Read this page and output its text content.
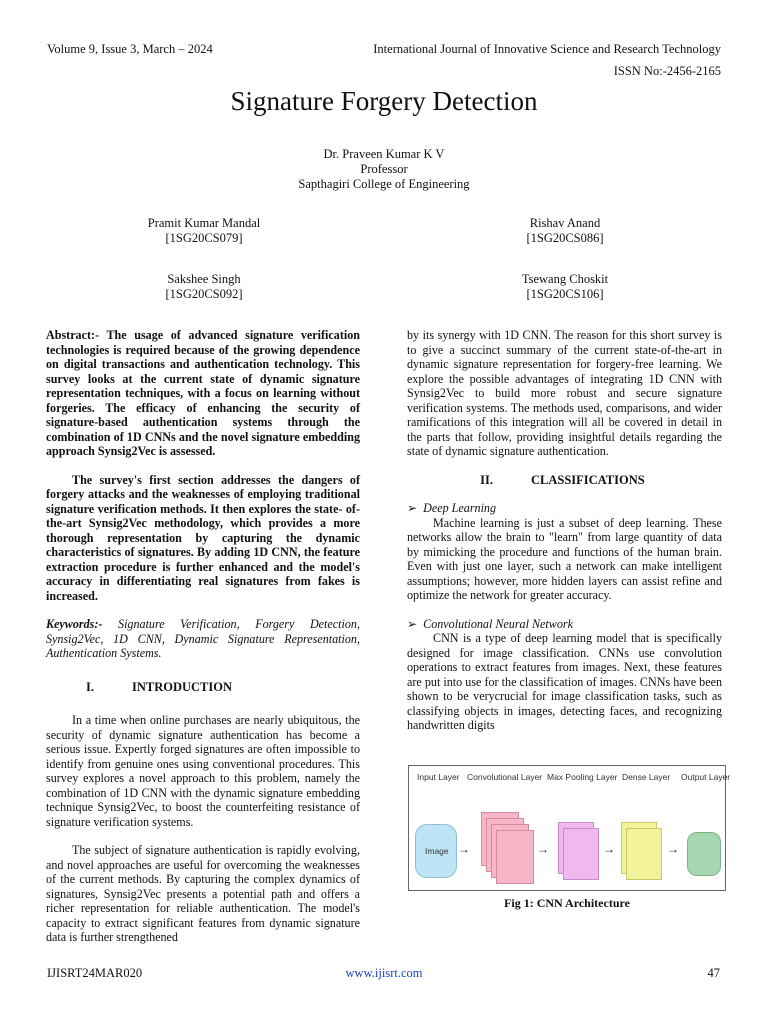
Volume 9, Issue 3, March – 2024	International Journal of Innovative Science and Research Technology
ISSN No:-2456-2165
Signature Forgery Detection
Dr. Praveen Kumar K V
Professor
Sapthagiri College of Engineering
Pramit Kumar Mandal
[1SG20CS079]
Rishav Anand
[1SG20CS086]
Sakshee Singh
[1SG20CS092]
Tsewang Choskit
[1SG20CS106]

Abstract:- The usage of advanced signature verification technologies is required because of the growing dependence on digital transactions and authentication technology. This survey looks at the current state of dynamic signature representation techniques, with a focus on learning without forgeries. The efficacy of enhancing the security of signature-based authentication systems through the combination of 1D CNNs and the novel signature embedding approach Synsig2Vec is assessed.

The survey's first section addresses the dangers of forgery attacks and the weaknesses of employing traditional signature verification methods. It then explores the state- of-the-art Synsig2Vec methodology, which provides a more thorough representation by capturing the dynamic characteristics of signatures. By adding 1D CNN, the feature extraction procedure is further enhanced and the model's accuracy in differentiating real signatures from fakes is increased.

Keywords:- Signature Verification, Forgery Detection, Synsig2Vec, 1D CNN, Dynamic Signature Representation, Authentication Systems.

I.	INTRODUCTION

In a time when online purchases are nearly ubiquitous, the security of dynamic signature authentication has become a serious issue. Expertly forged signatures are often impossible to identify from genuine ones using conventional procedures. This survey explores a novel approach to this problem, namely the combination of 1D CNN with the dynamic signature embedding technique Synsig2Vec, to boost the counterfeiting resistance of signature verification systems.

The subject of signature authentication is rapidly evolving, and novel approaches are useful for overcoming the weaknesses of the current methods. By capturing the complex dynamics of signatures, Synsig2Vec presents a potential path and offers a richer representation for reliable authentication. The model's capacity to extract significant features from dynamic signature data is further strengthened

by its synergy with 1D CNN. The reason for this short survey is to give a succinct summary of the current state-of-the-art in dynamic signature representation for forgery-free learning. We explore the possible advantages of integrating 1D CNN with Synsig2Vec to build more robust and secure signature verification systems. The methods used, comparisons, and wider ramifications of this integration will all be covered in detail in the parts that follow, providing insightful details regarding the state of dynamic signature authentication.

II.	CLASSIFICATIONS
➢ Deep Learning

Machine learning is just a subset of deep learning. These networks allow the brain to "learn" from large quantity of data by mimicking the procedure and functions of the human brain. Even with just one layer, such a network can make intelligent assumptions; however, more hidden layers can assist refine and optimize the network for greater accuracy.

➢ Convolutional Neural Network

CNN is a type of deep learning model that is specifically designed for image classification. CNNs use convolution operations to extract features from images. Next, these features are put into use for the classification of images. CNNs have been shown to be verycrucial for image classification tasks, such as classifying objects in images, detecting faces, and recognizing handwritten digits

Input Layer Convolutional Layer Max Pooling Layer Dense Layer Output Layer
Image →	→	→	→
Fig 1: CNN Architecture
IJISRT24MAR020	www.ijisrt.com	47
